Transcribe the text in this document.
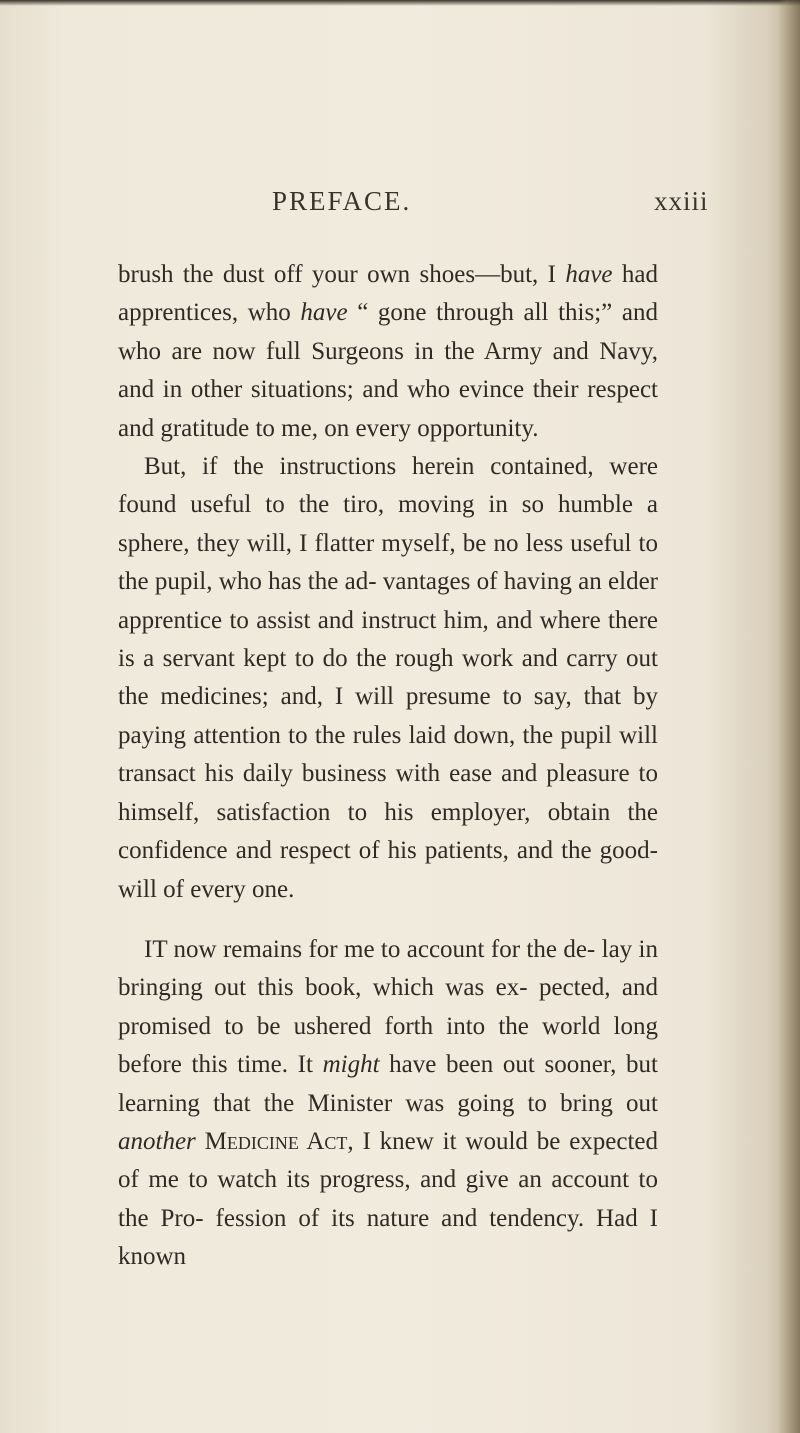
PREFACE.	xxiii

brush the dust off your own shoes—but, I have had apprentices, who have “ gone through all this;” and who are now full Surgeons in the Army and Navy, and in other situations; and who evince their respect and gratitude to me, on every opportunity.

But, if the instructions herein contained, were found useful to the tiro, moving in so humble a sphere, they will, I flatter myself, be no less useful to the pupil, who has the ad- vantages of having an elder apprentice to assist and instruct him, and where there is a servant kept to do the rough work and carry out the medicines; and, I will presume to say, that by paying attention to the rules laid down, the pupil will transact his daily business with ease and pleasure to himself, satisfaction to his employer, obtain the confidence and respect of his patients, and the good-will of every one.

IT now remains for me to account for the de- lay in bringing out this book, which was ex- pected, and promised to be ushered forth into the world long before this time. It might have been out sooner, but learning that the Minister was going to bring out another Medicine Act, I knew it would be expected of me to watch its progress, and give an account to the Pro- fession of its nature and tendency. Had I known
